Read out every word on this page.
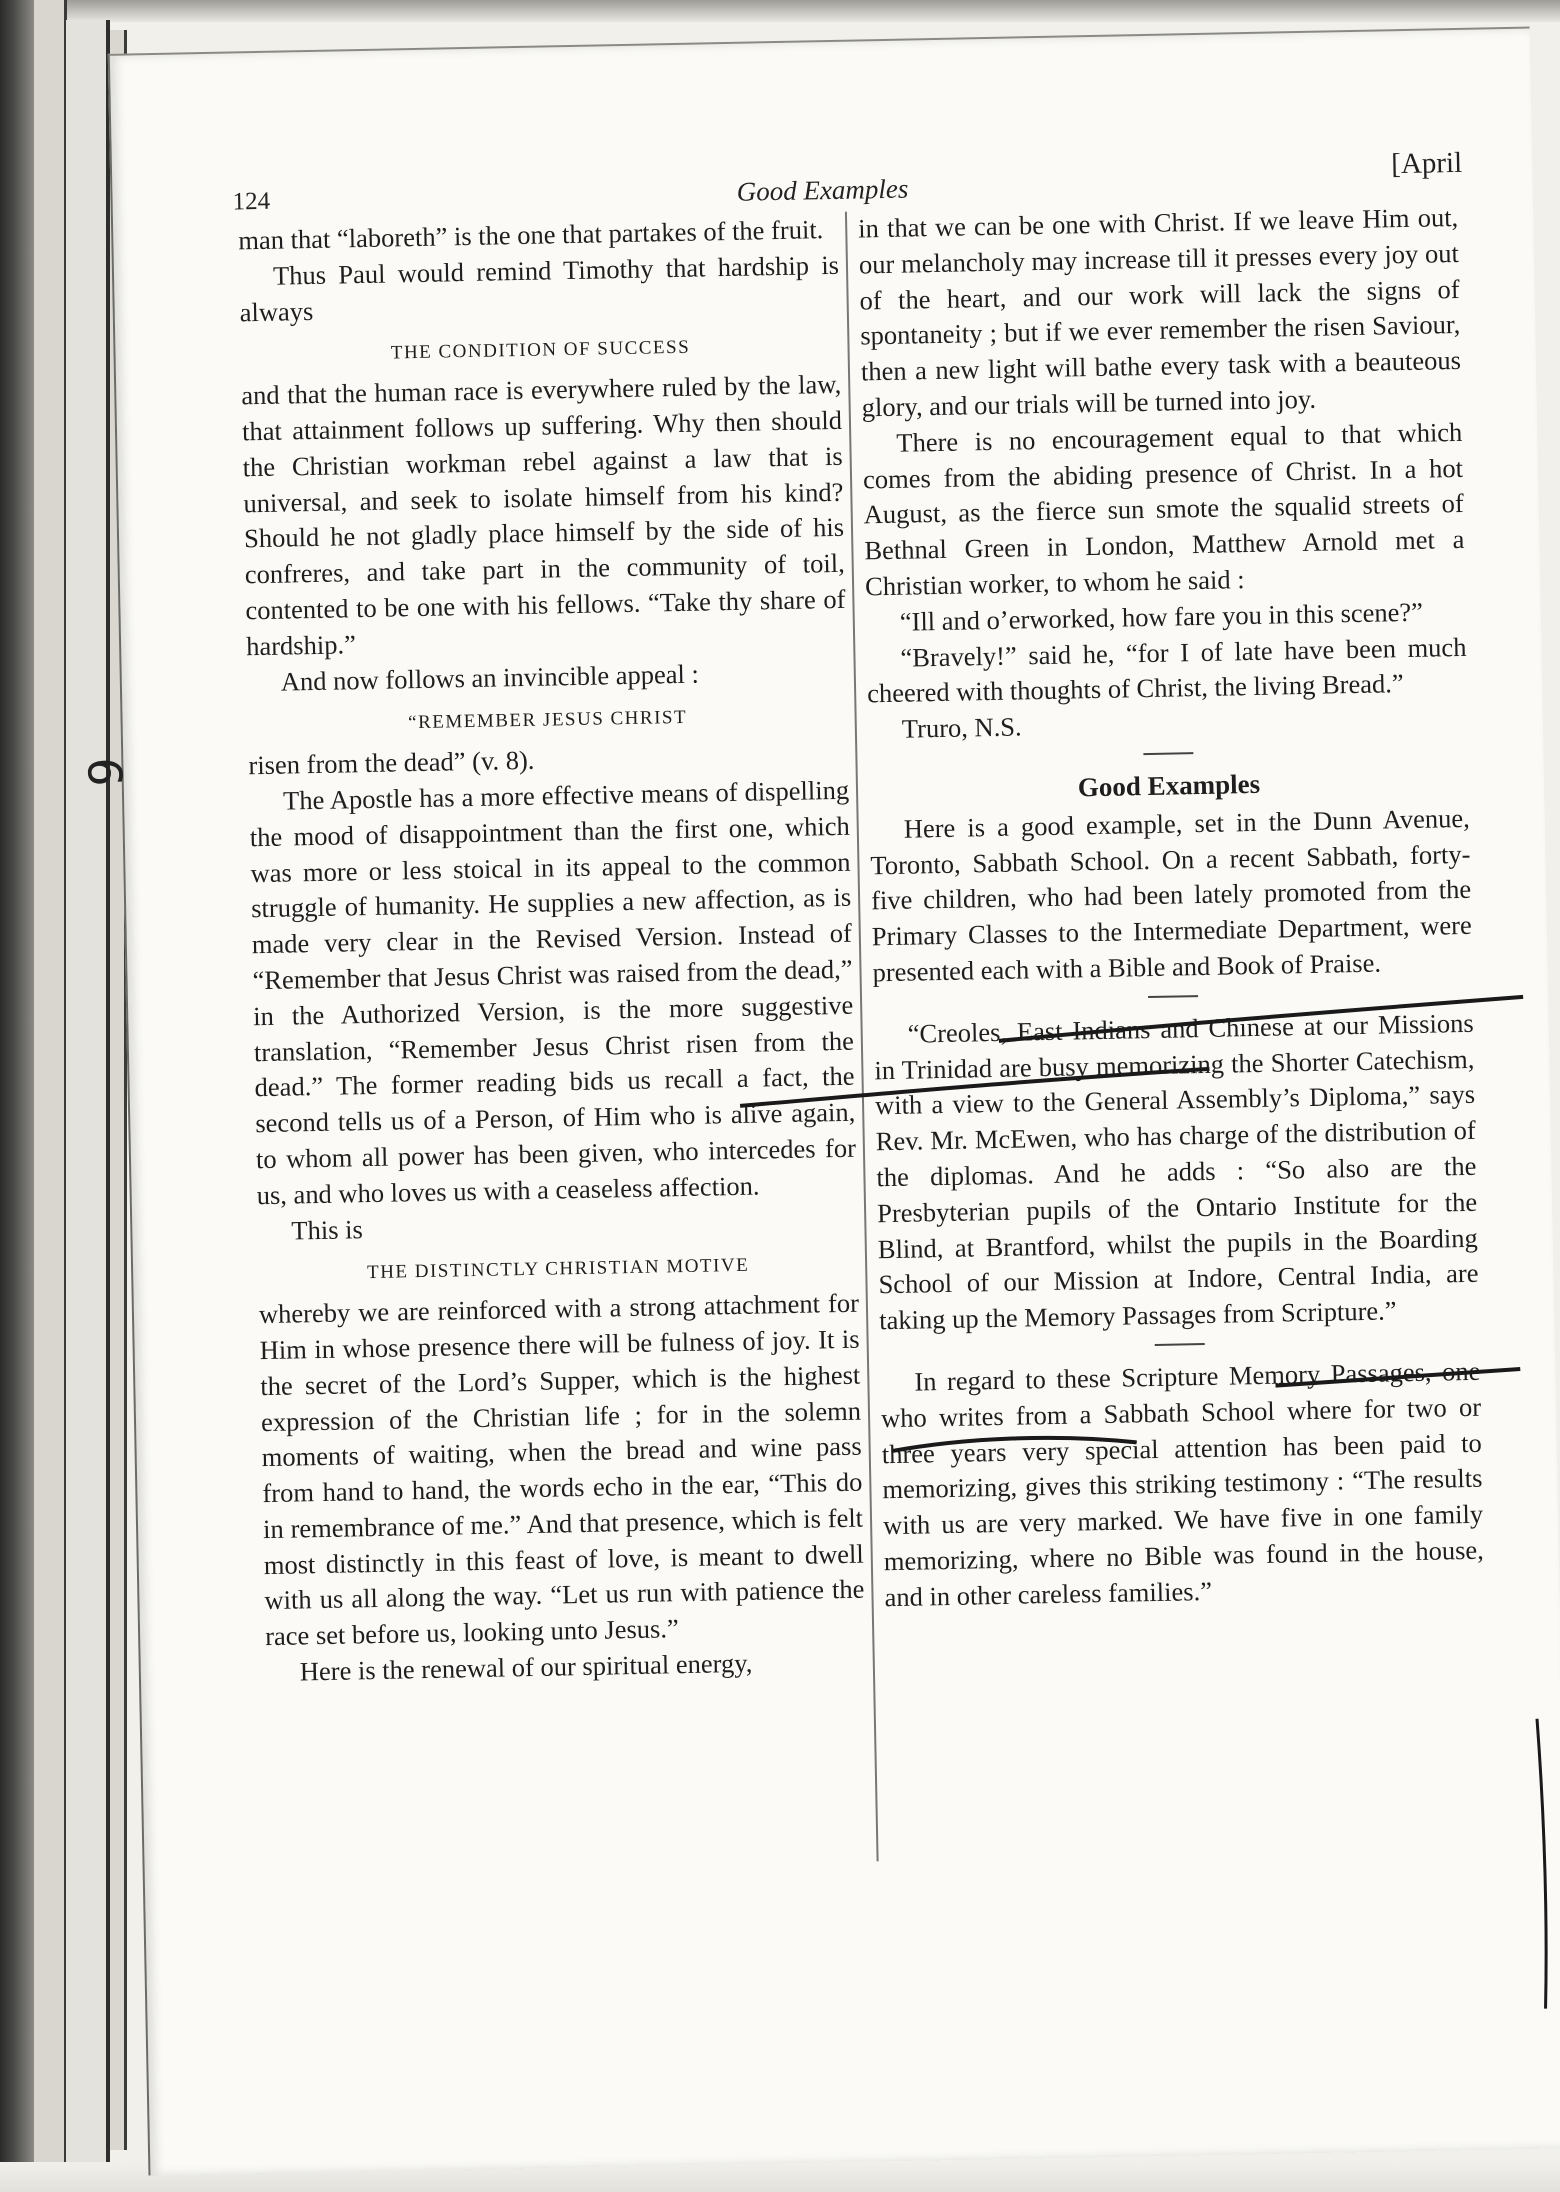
124	Good Examples
[April

man that “laboreth” is the one that partakes of the fruit.

Thus Paul would remind Timothy that hardship is always

THE CONDITION OF SUCCESS

and that the human race is everywhere ruled by the law, that attainment follows up suffering. Why then should the Christian workman rebel against a law that is universal, and seek to isolate himself from his kind? Should he not gladly place himself by the side of his confreres, and take part in the community of toil, contented to be one with his fellows. “Take thy share of hardship.”

And now follows an invincible appeal :

“REMEMBER JESUS CHRIST

risen from the dead” (v. 8).

The Apostle has a more effective means of dispelling the mood of disappointment than the first one, which was more or less stoical in its appeal to the common struggle of humanity. He supplies a new affection, as is made very clear in the Revised Version. Instead of “Remember that Jesus Christ was raised from the dead,” in the Authorized Version, is the more suggestive translation, “Remember Jesus Christ risen from the dead.” The former reading bids us recall a fact, the second tells us of a Person, of Him who is alive again, to whom all power has been given, who intercedes for us, and who loves us with a ceaseless affection.

This is

THE DISTINCTLY CHRISTIAN MOTIVE

whereby we are reinforced with a strong attachment for Him in whose presence there will be fulness of joy. It is the secret of the Lord’s Supper, which is the highest expression of the Christian life ; for in the solemn moments of waiting, when the bread and wine pass from hand to hand, the words echo in the ear, “This do in remembrance of me.” And that presence, which is felt most distinctly in this feast of love, is meant to dwell with us all along the way. “Let us run with patience the race set before us, looking unto Jesus.”

Here is the renewal of our spiritual energy,

in that we can be one with Christ. If we leave Him out, our melancholy may increase till it presses every joy out of the heart, and our work will lack the signs of spontaneity ; but if we ever remember the risen Saviour, then a new light will bathe every task with a beauteous glory, and our trials will be turned into joy.

There is no encouragement equal to that which comes from the abiding presence of Christ. In a hot August, as the fierce sun smote the squalid streets of Bethnal Green in London, Matthew Arnold met a Christian worker, to whom he said :

“Ill and o’erworked, how fare you in this scene?”

“Bravely!” said he, “for I of late have been much cheered with thoughts of Christ, the living Bread.”

Truro, N.S.

Good Examples

Here is a good example, set in the Dunn Avenue, Toronto, Sabbath School. On a recent Sabbath, forty-five children, who had been lately promoted from the Primary Classes to the Intermediate Department, were presented each with a Bible and Book of Praise.

“Creoles, East Indians and Chinese at our Missions in Trinidad are busy memorizing the Shorter Catechism, with a view to the General Assembly’s Diploma,” says Rev. Mr. McEwen, who has charge of the distribution of the diplomas. And he adds : “So also are the Presbyterian pupils of the Ontario Institute for the Blind, at Brantford, whilst the pupils in the Boarding School of our Mission at Indore, Central India, are taking up the Memory Passages from Scripture.”

In regard to these Scripture Memory Passages, one who writes from a Sabbath School where for two or three years very special attention has been paid to memorizing, gives this striking testimony : “The results with us are very marked. We have five in one family memorizing, where no Bible was found in the house, and in other careless families.”

9
